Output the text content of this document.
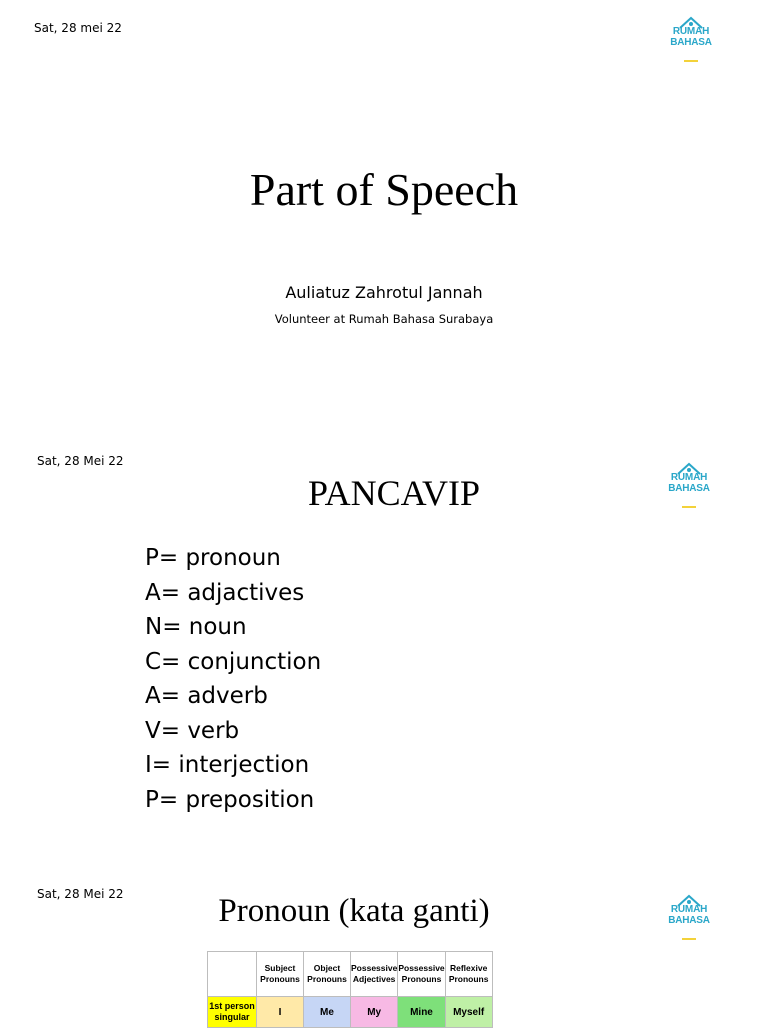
Sat, 28 mei 22	RUMAH
BAHASA
Part of Speech
Auliatuz Zahrotul Jannah
Volunteer at Rumah Bahasa Surabaya
Sat, 28 Mei 22
RUMAH
BAHASA
PANCAVIP
P= pronoun
A= adjactives
N= noun
C= conjunction
A= adverb
V= verb
I= interjection
P= preposition
Sat, 28 Mei 22
RUMAH
BAHASA
Pronoun (kata ganti)
	Subject Pronouns	Object Pronouns	Possessive Adjectives	Possessive Pronouns	Reflexive Pronouns
1st person singular	I	Me	My	Mine	Myself
